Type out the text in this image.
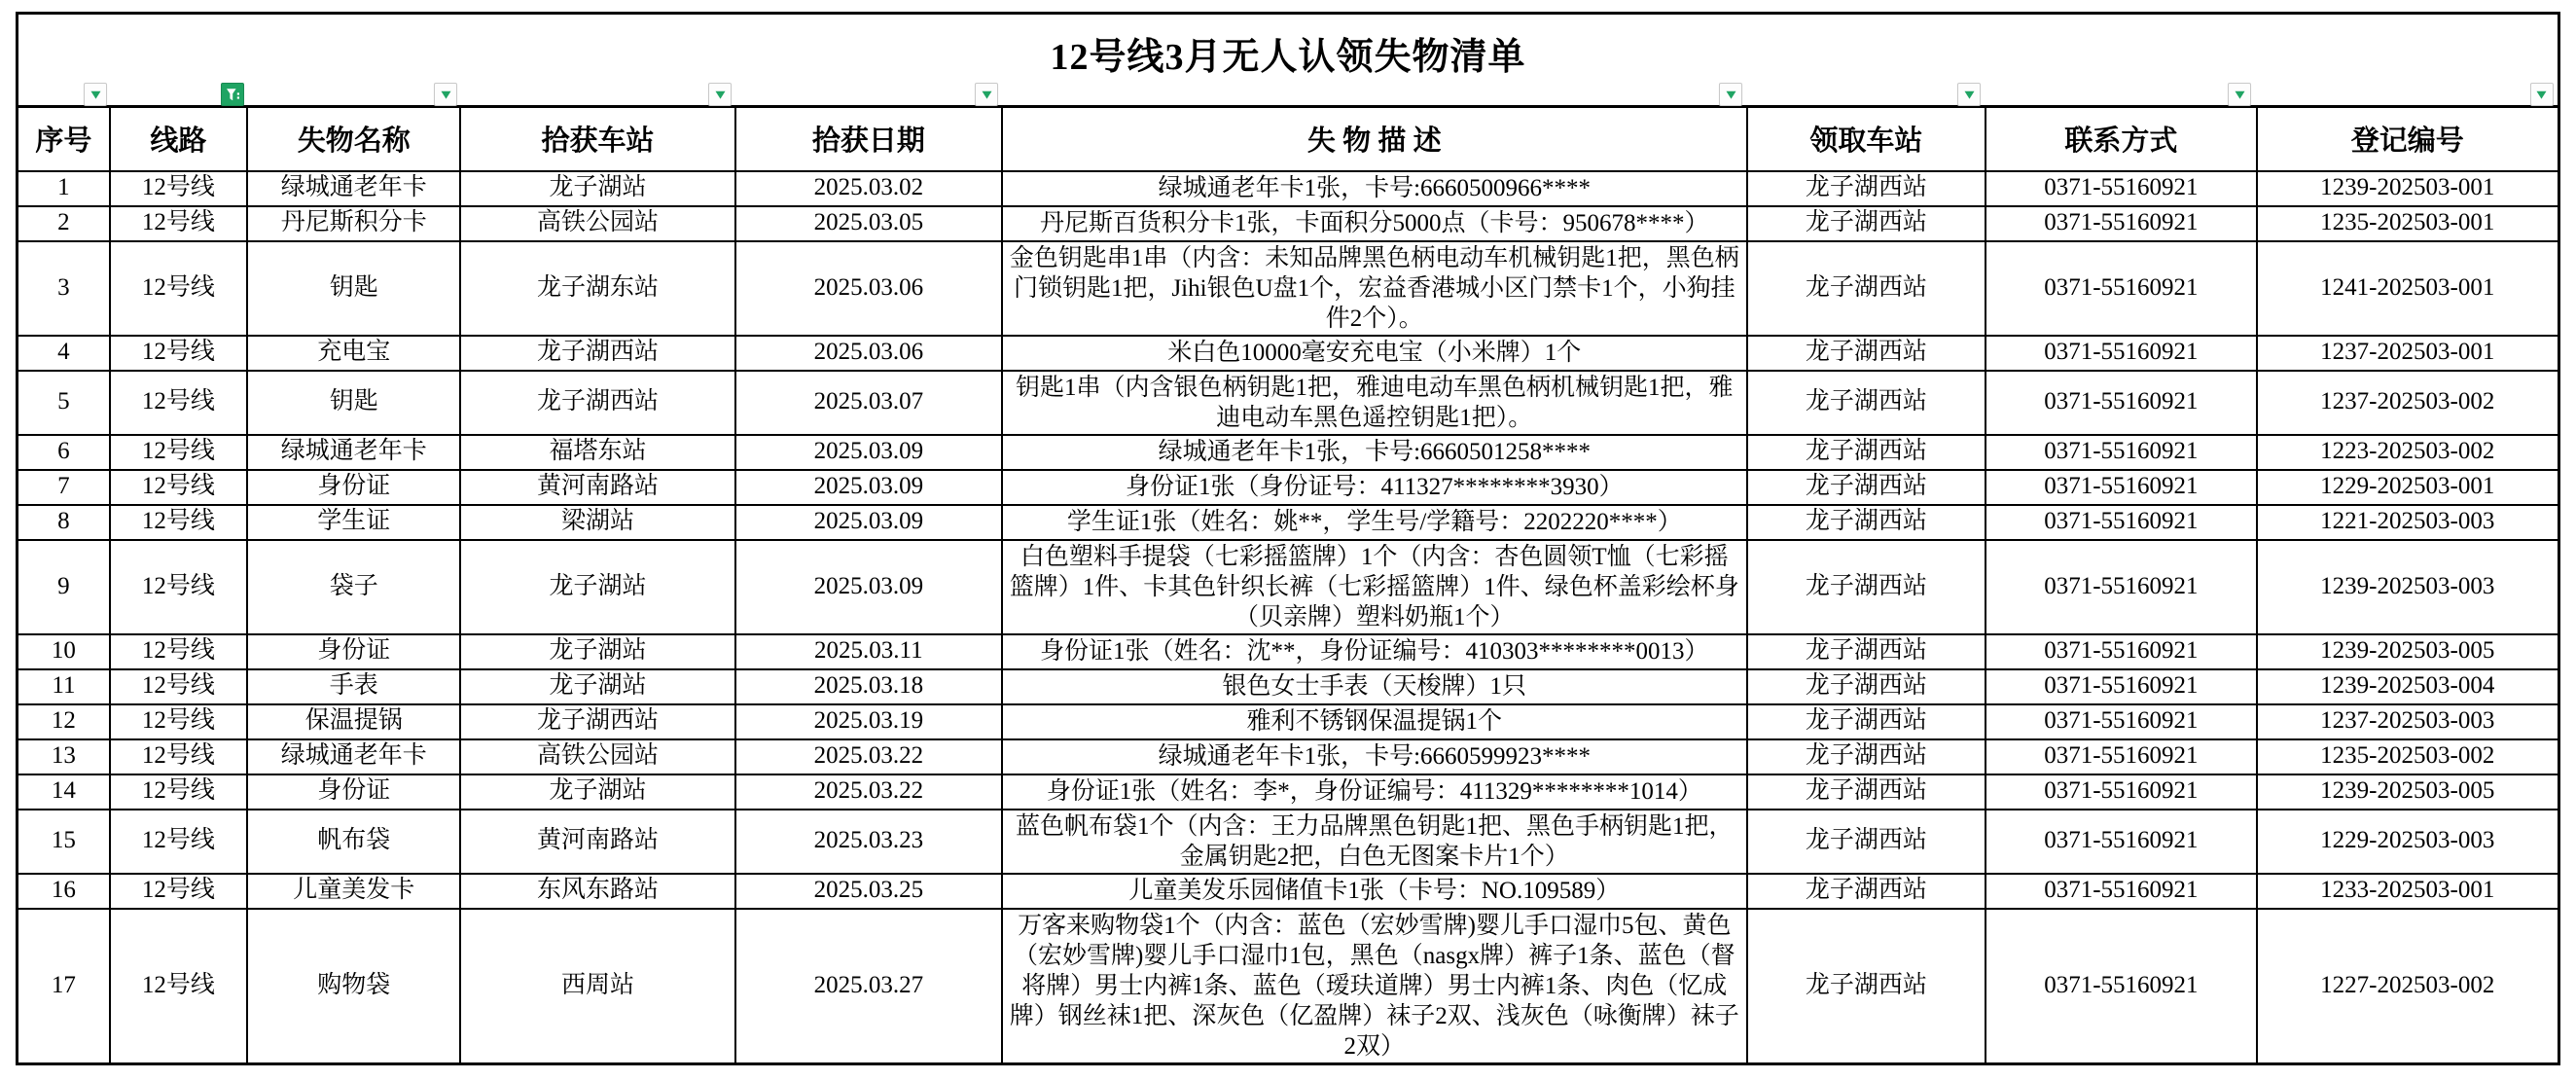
12号线3月无人认领失物清单								
序号	线路	失物名称	拾获车站	拾获日期	失 物 描 述	领取车站	联系方式	登记编号
1	12号线	绿城通老年卡	龙子湖站	2025.03.02	绿城通老年卡1张，卡号:6660500966****	龙子湖西站	0371-55160921	1239-202503-001
2	12号线	丹尼斯积分卡	高铁公园站	2025.03.05	丹尼斯百货积分卡1张，卡面积分5000点（卡号：950678****）	龙子湖西站	0371-55160921	1235-202503-001
3	12号线	钥匙	龙子湖东站	2025.03.06	金色钥匙串1串（内含：未知品牌黑色柄电动车机械钥匙1把，黑色柄门锁钥匙1把，Jihi银色U盘1个，宏益香港城小区门禁卡1个，小狗挂件2个）。	龙子湖西站	0371-55160921	1241-202503-001
4	12号线	充电宝	龙子湖西站	2025.03.06	米白色10000毫安充电宝（小米牌）1个	龙子湖西站	0371-55160921	1237-202503-001
5	12号线	钥匙	龙子湖西站	2025.03.07	钥匙1串（内含银色柄钥匙1把，雅迪电动车黑色柄机械钥匙1把，雅迪电动车黑色遥控钥匙1把）。	龙子湖西站	0371-55160921	1237-202503-002
6	12号线	绿城通老年卡	福塔东站	2025.03.09	绿城通老年卡1张，卡号:6660501258****	龙子湖西站	0371-55160921	1223-202503-002
7	12号线	身份证	黄河南路站	2025.03.09	身份证1张（身份证号：411327********3930）	龙子湖西站	0371-55160921	1229-202503-001
8	12号线	学生证	梁湖站	2025.03.09	学生证1张（姓名：姚**，学生号/学籍号：2202220****）	龙子湖西站	0371-55160921	1221-202503-003
9	12号线	袋子	龙子湖站	2025.03.09	白色塑料手提袋（七彩摇篮牌）1个（内含：杏色圆领T恤（七彩摇篮牌）1件、卡其色针织长裤（七彩摇篮牌）1件、绿色杯盖彩绘杯身（贝亲牌）塑料奶瓶1个）	龙子湖西站	0371-55160921	1239-202503-003
10	12号线	身份证	龙子湖站	2025.03.11	身份证1张（姓名：沈**，身份证编号：410303********0013）	龙子湖西站	0371-55160921	1239-202503-005
11	12号线	手表	龙子湖站	2025.03.18	银色女士手表（天梭牌）1只	龙子湖西站	0371-55160921	1239-202503-004
12	12号线	保温提锅	龙子湖西站	2025.03.19	雅利不锈钢保温提锅1个	龙子湖西站	0371-55160921	1237-202503-003
13	12号线	绿城通老年卡	高铁公园站	2025.03.22	绿城通老年卡1张，卡号:6660599923****	龙子湖西站	0371-55160921	1235-202503-002
14	12号线	身份证	龙子湖站	2025.03.22	身份证1张（姓名：李*，身份证编号：411329********1014）	龙子湖西站	0371-55160921	1239-202503-005
15	12号线	帆布袋	黄河南路站	2025.03.23	蓝色帆布袋1个（内含：王力品牌黑色钥匙1把、黑色手柄钥匙1把，金属钥匙2把，白色无图案卡片1个）	龙子湖西站	0371-55160921	1229-202503-003
16	12号线	儿童美发卡	东风东路站	2025.03.25	儿童美发乐园储值卡1张（卡号：NO.109589）	龙子湖西站	0371-55160921	1233-202503-001
17	12号线	购物袋	西周站	2025.03.27	万客来购物袋1个（内含：蓝色（宏妙雪牌)婴儿手口湿巾5包、黄色（宏妙雪牌)婴儿手口湿巾1包，黑色（nasgx牌）裤子1条、蓝色（督将牌）男士内裤1条、蓝色（瑷玞道牌）男士内裤1条、肉色（忆成牌）钢丝袜1把、深灰色（亿盈牌）袜子2双、浅灰色（咏衡牌）袜子2双）	龙子湖西站	0371-55160921	1227-202503-002
